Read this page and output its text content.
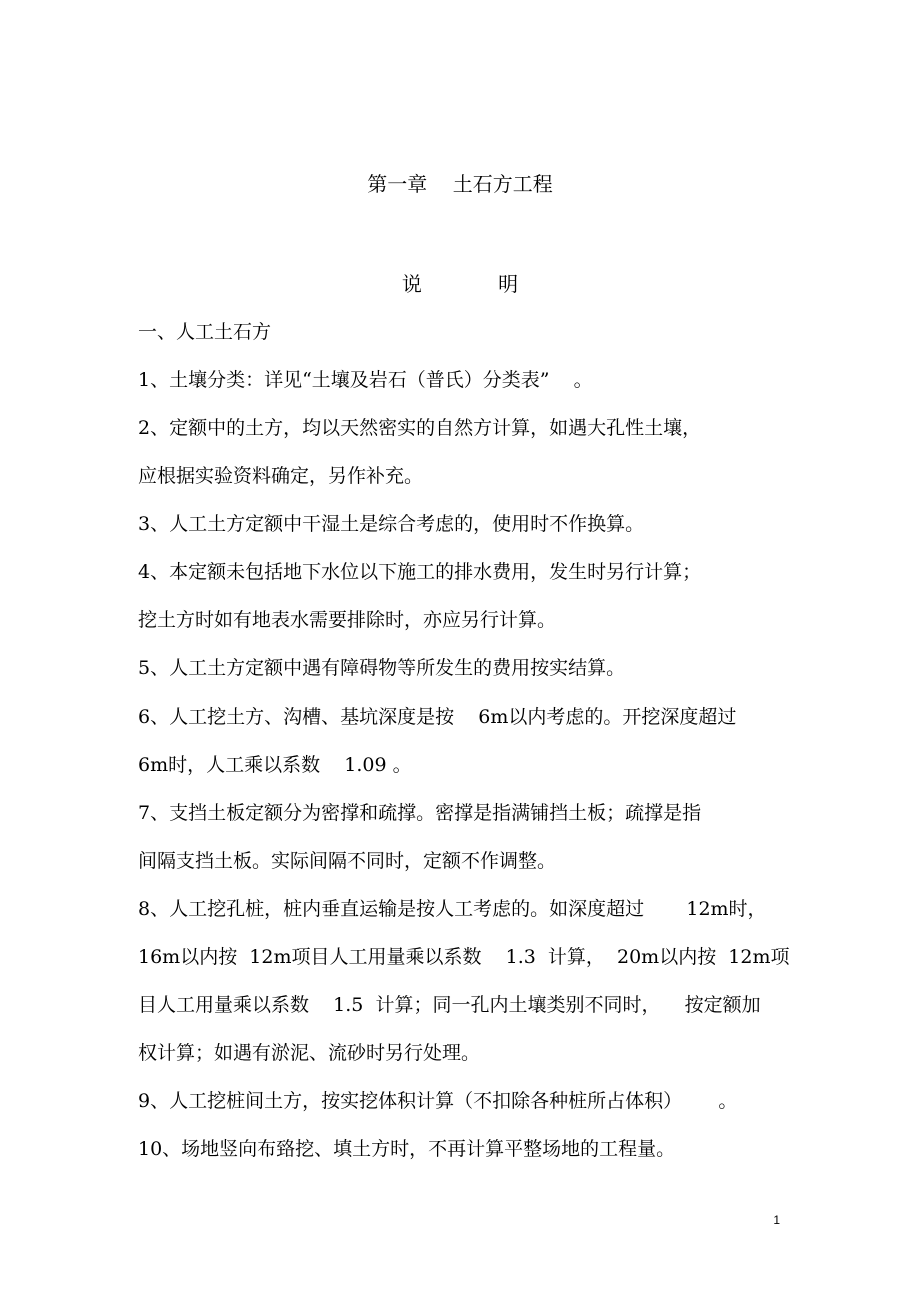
第一章    土石方工程
说            明
一、人工土石方
1、土壤分类：详见“土壤及岩石（普氏）分类表”    。
2、定额中的土方，均以天然密实的自然方计算，如遇大孔性土壤，
应根据实验资料确定，另作补充。
3、人工土方定额中干湿土是综合考虑的，使用时不作换算。
4、本定额未包括地下水位以下施工的排水费用，发生时另行计算；
挖土方时如有地表水需要排除时，亦应另行计算。
5、人工土方定额中遇有障碍物等所发生的费用按实结算。
6、人工挖土方、沟槽、基坑深度是按    6m以内考虑的。开挖深度超过
6m时，人工乘以系数    1.09 。
7、支挡土板定额分为密撑和疏撑。密撑是指满铺挡土板；疏撑是指
间隔支挡土板。实际间隔不同时，定额不作调整。
8、人工挖孔桩，桩内垂直运输是按人工考虑的。如深度超过       12m时，
16m以内按  12m项目人工用量乘以系数    1.3  计算，  20m以内按  12m项
目人工用量乘以系数    1.5  计算；同一孔内土壤类别不同时，    按定额加
权计算；如遇有淤泥、流砂时另行处理。
9、人工挖桩间土方，按实挖体积计算（不扣除各种桩所占体积）      。
10、场地竖向布臵挖、填土方时，不再计算平整场地的工程量。
1
